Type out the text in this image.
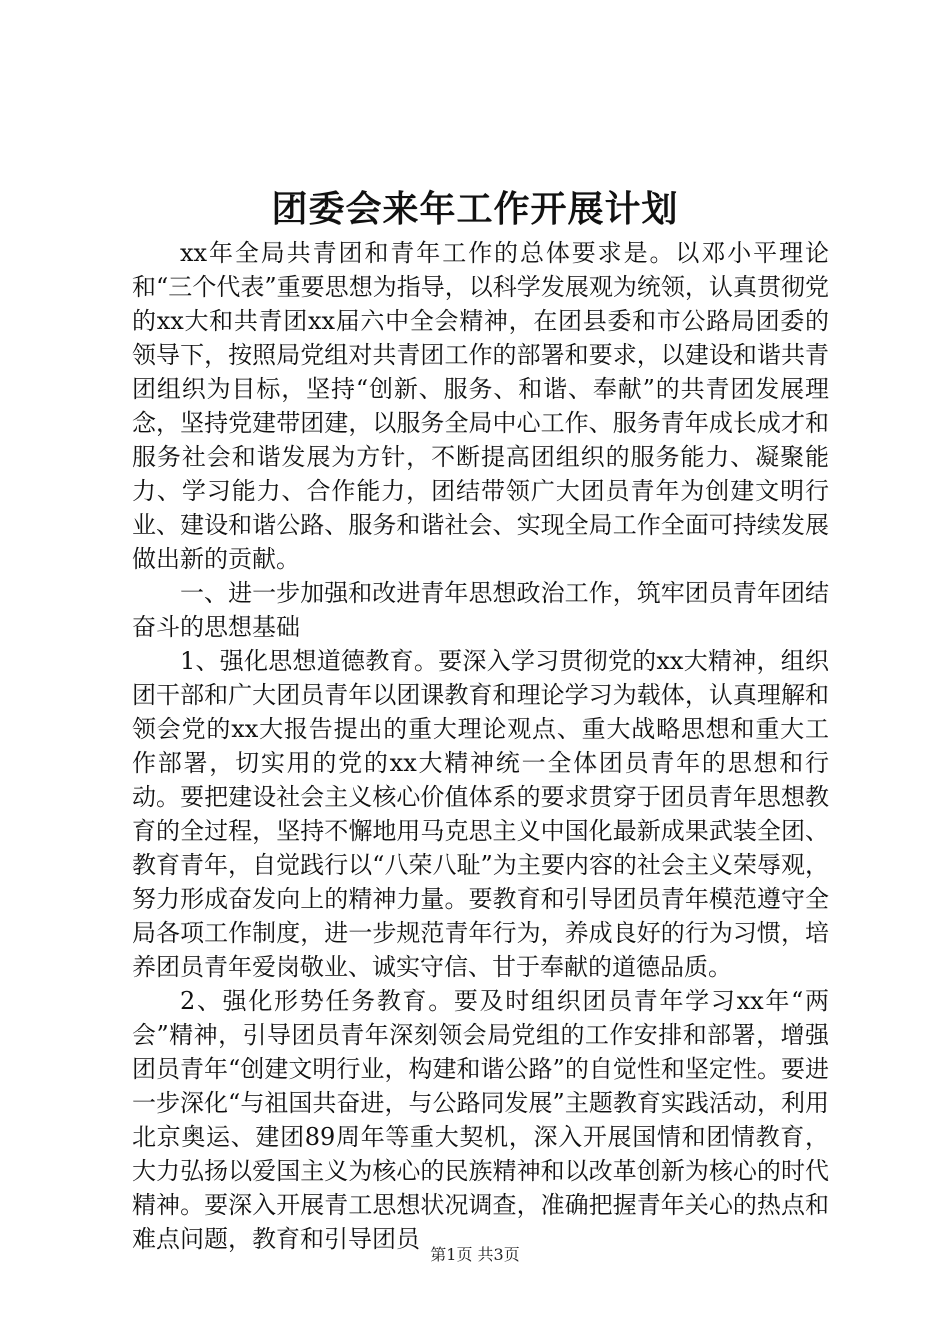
团委会来年工作开展计划

xx年全局共青团和青年工作的总体要求是。以邓小平理论和“三个代表”重要思想为指导，以科学发展观为统领，认真贯彻党的xx大和共青团xx届六中全会精神，在团县委和市公路局团委的领导下，按照局党组对共青团工作的部署和要求，以建设和谐共青团组织为目标，坚持“创新、服务、和谐、奉献”的共青团发展理念，坚持党建带团建，以服务全局中心工作、服务青年成长成才和服务社会和谐发展为方针，不断提高团组织的服务能力、凝聚能力、学习能力、合作能力，团结带领广大团员青年为创建文明行业、建设和谐公路、服务和谐社会、实现全局工作全面可持续发展做出新的贡献。

一、进一步加强和改进青年思想政治工作，筑牢团员青年团结奋斗的思想基础

1、强化思想道德教育。要深入学习贯彻党的xx大精神，组织团干部和广大团员青年以团课教育和理论学习为载体，认真理解和领会党的xx大报告提出的重大理论观点、重大战略思想和重大工作部署，切实用的党的xx大精神统一全体团员青年的思想和行动。要把建设社会主义核心价值体系的要求贯穿于团员青年思想教育的全过程，坚持不懈地用马克思主义中国化最新成果武装全团、教育青年，自觉践行以“八荣八耻”为主要内容的社会主义荣辱观，努力形成奋发向上的精神力量。要教育和引导团员青年模范遵守全局各项工作制度，进一步规范青年行为，养成良好的行为习惯，培养团员青年爱岗敬业、诚实守信、甘于奉献的道德品质。

2、强化形势任务教育。要及时组织团员青年学习xx年“两会”精神，引导团员青年深刻领会局党组的工作安排和部署，增强团员青年“创建文明行业，构建和谐公路”的自觉性和坚定性。要进一步深化“与祖国共奋进，与公路同发展”主题教育实践活动，利用北京奥运、建团89周年等重大契机，深入开展国情和团情教育，大力弘扬以爱国主义为核心的民族精神和以改革创新为核心的时代精神。要深入开展青工思想状况调查，准确把握青年关心的热点和难点问题，教育和引导团员

第1页 共3页
